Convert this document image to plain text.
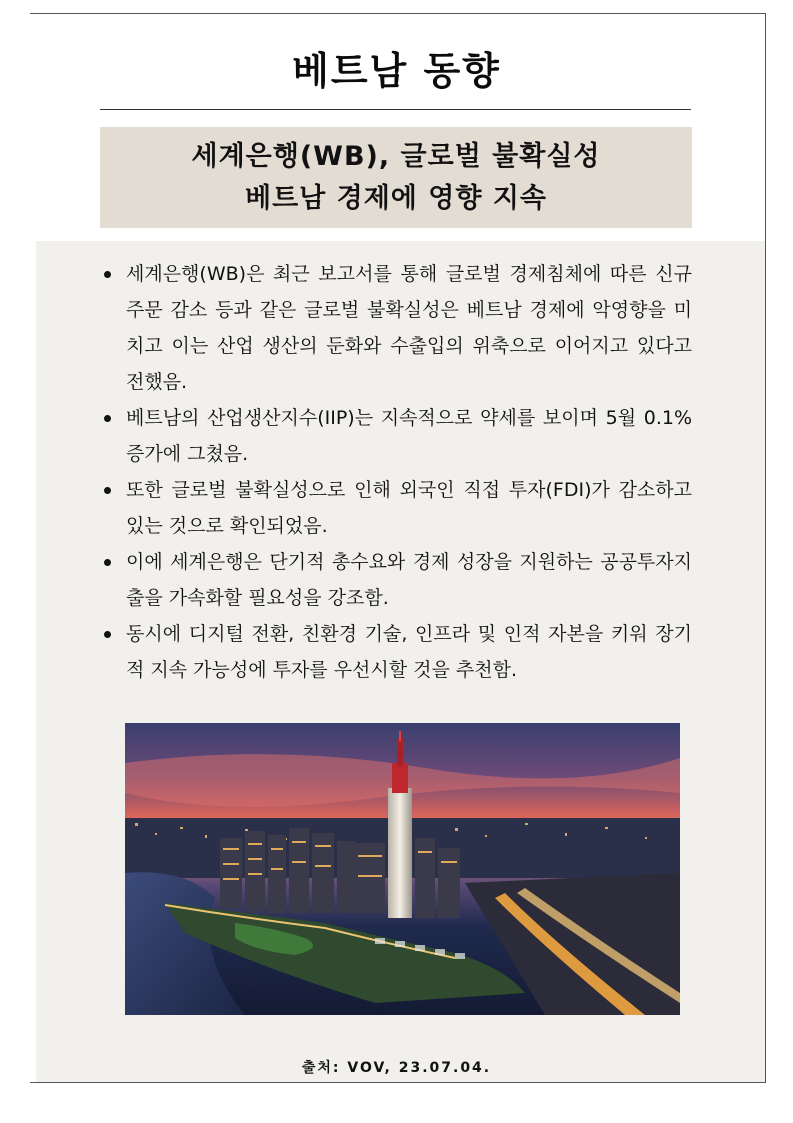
베트남 동향
세계은행(WB), 글로벌 불확실성
베트남 경제에 영향 지속
세계은행(WB)은 최근 보고서를 통해 글로벌 경제침체에 따른 신규주문 감소 등과 같은 글로벌 불확실성은 베트남 경제에 악영향을 미치고 이는 산업 생산의 둔화와 수출입의 위축으로 이어지고 있다고 전했음.
베트남의 산업생산지수(IIP)는 지속적으로 약세를 보이며 5월 0.1% 증가에 그쳤음.
또한 글로벌 불확실성으로 인해 외국인 직접 투자(FDI)가 감소하고 있는 것으로 확인되었음.
이에 세계은행은 단기적 총수요와 경제 성장을 지원하는 공공투자지출을 가속화할 필요성을 강조함.
동시에 디지털 전환, 친환경 기술, 인프라 및 인적 자본을 키워 장기적 지속 가능성에 투자를 우선시할 것을 추천함.
출처: VOV, 23.07.04.
